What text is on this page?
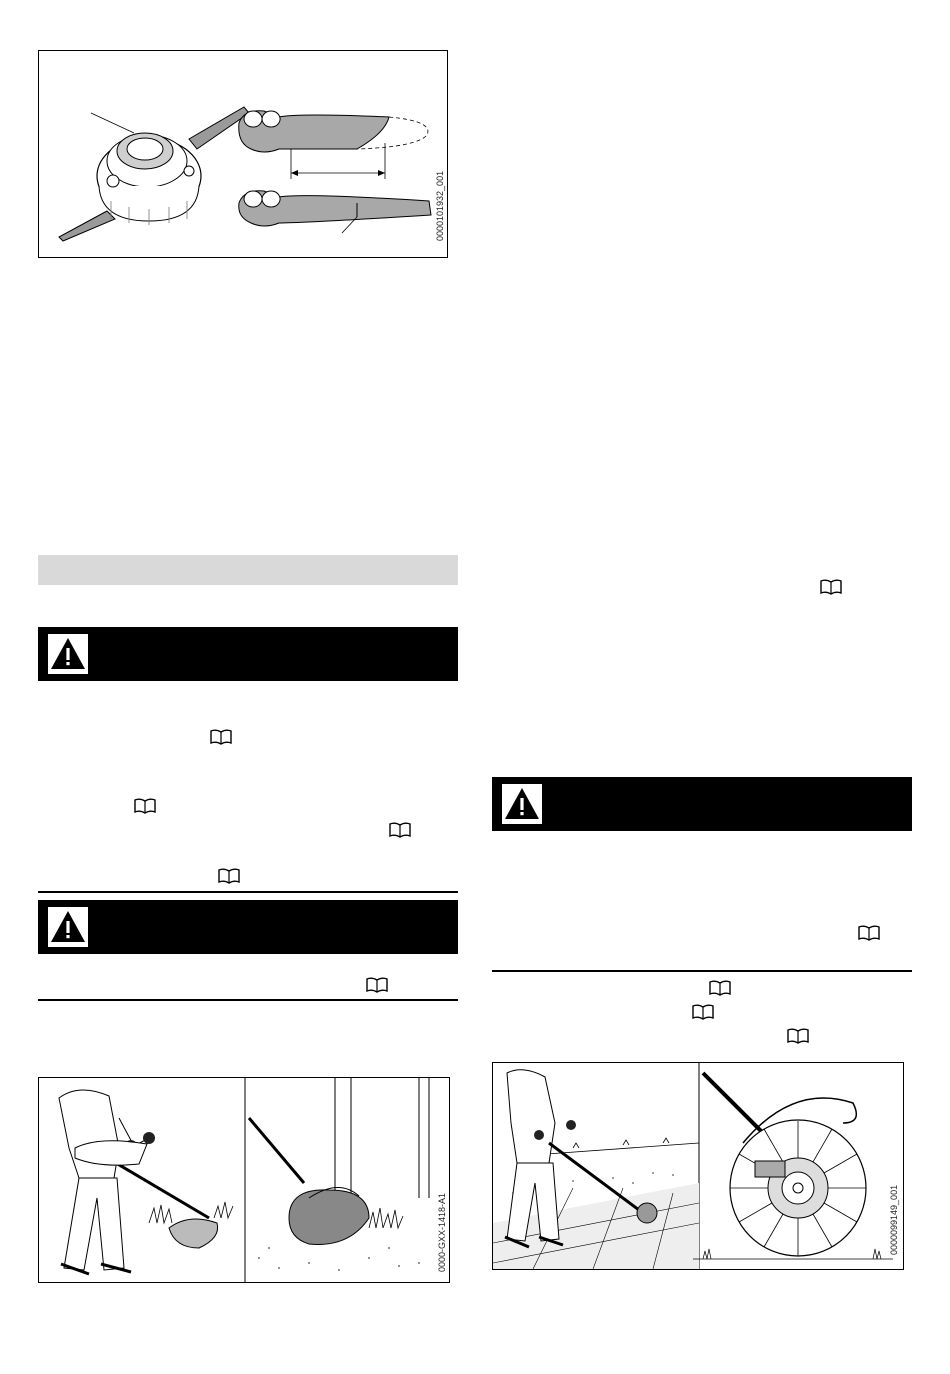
0000101932_001
0000-GXX-1418-A1	0000099149_001
